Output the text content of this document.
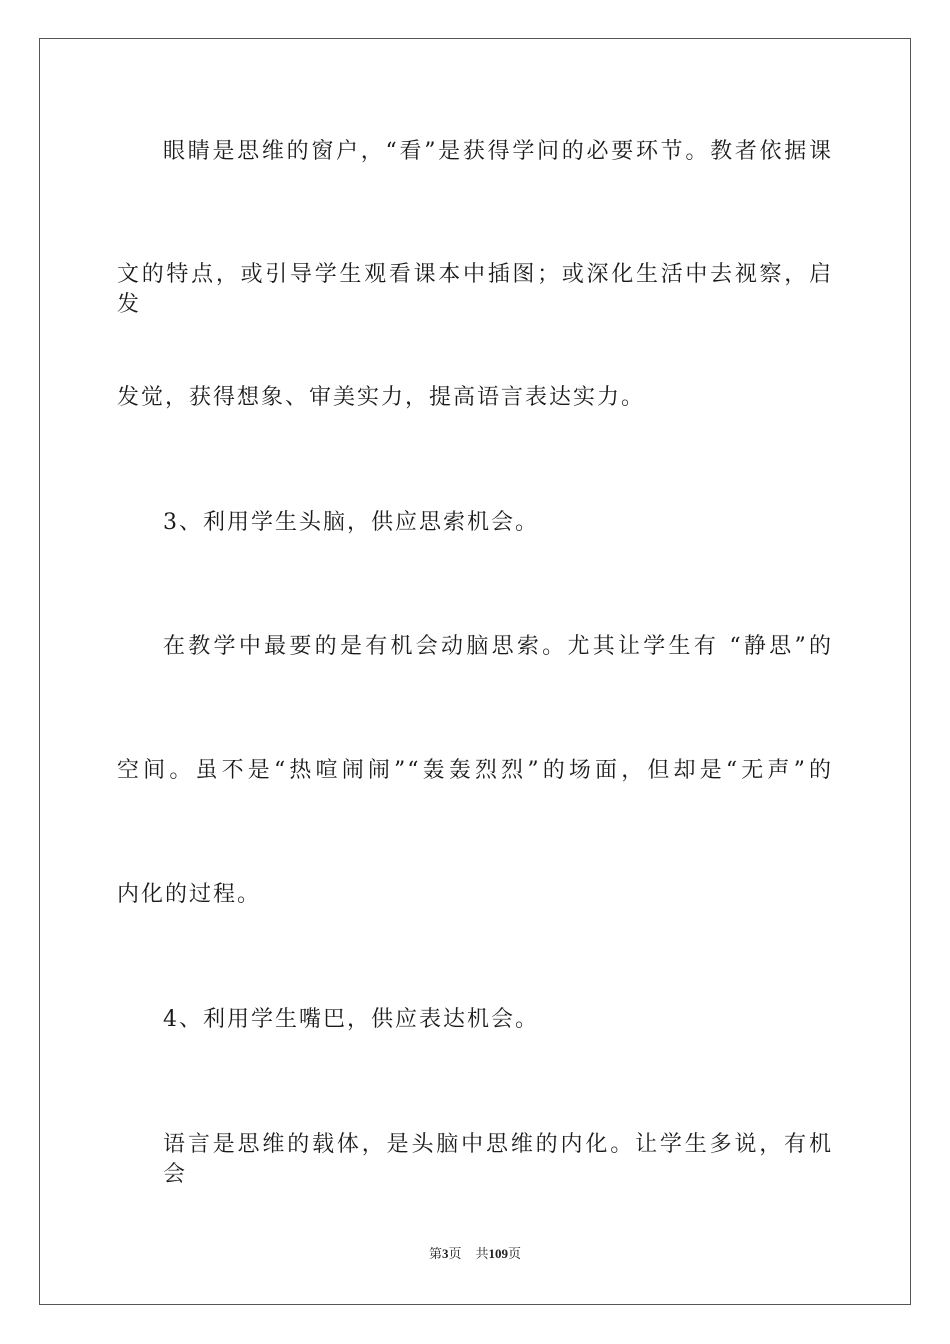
眼睛是思维的窗户，“看”是获得学问的必要环节。教者依据课
文的特点，或引导学生观看课本中插图；或深化生活中去视察，启发
发觉，获得想象、审美实力，提高语言表达实力。
3、利用学生头脑，供应思索机会。
在教学中最要的是有机会动脑思索。尤其让学生有 “静思”的
空间。虽不是“热喧闹闹”“轰轰烈烈”的场面，但却是“无声”的
内化的过程。
4、利用学生嘴巴，供应表达机会。
语言是思维的载体，是头脑中思维的内化。让学生多说，有机会
第3页 共109页
